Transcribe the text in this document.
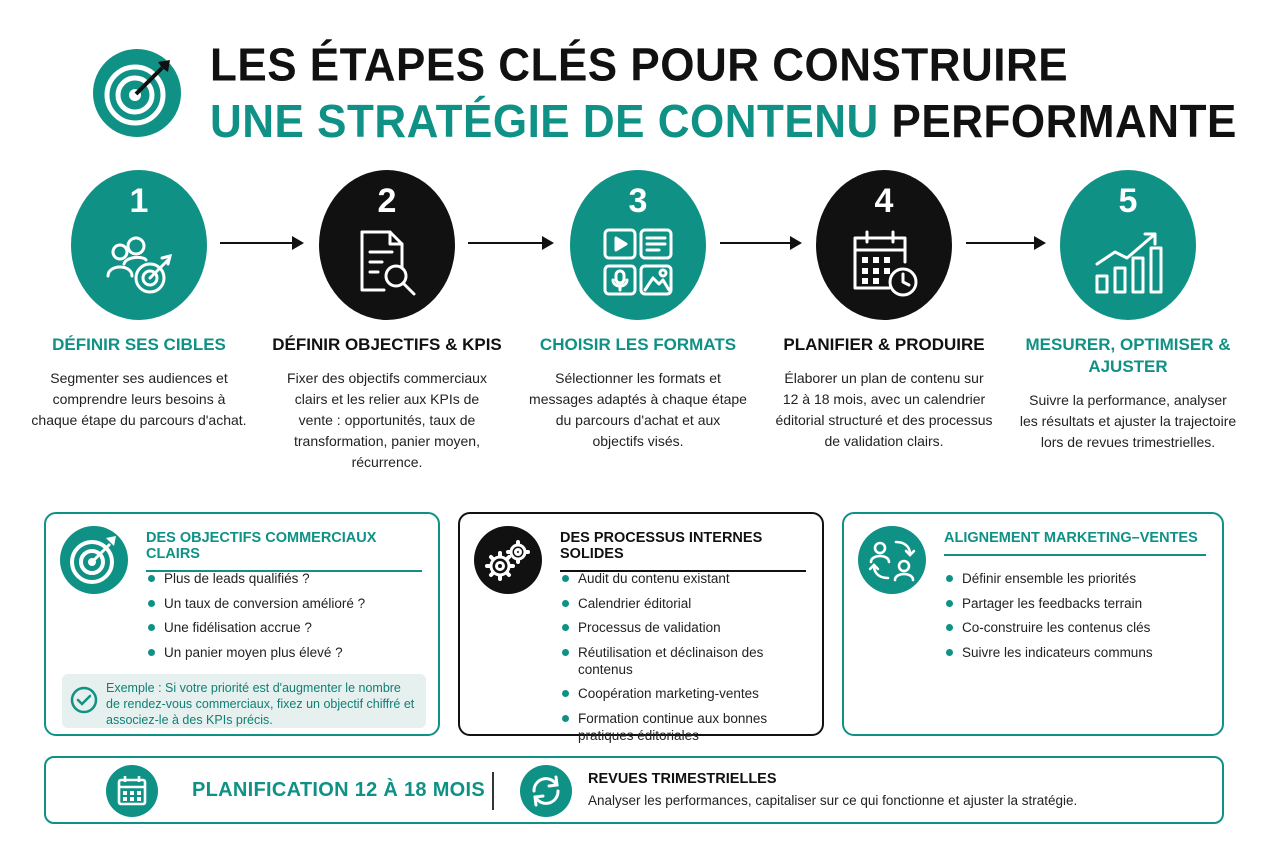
LES ÉTAPES CLÉS POUR CONSTRUIRE
UNE STRATÉGIE DE CONTENU PERFORMANTE
1
DÉFINIR SES CIBLES
Segmenter ses audiences et comprendre leurs besoins à chaque étape du parcours d'achat.
2
DÉFINIR OBJECTIFS & KPIS
Fixer des objectifs commerciaux clairs et les relier aux KPIs de vente : opportunités, taux de transformation, panier moyen, récurrence.
3
CHOISIR LES FORMATS
Sélectionner les formats et messages adaptés à chaque étape du parcours d'achat et aux objectifs visés.
4
PLANIFIER & PRODUIRE
Élaborer un plan de contenu sur 12 à 18 mois, avec un calendrier éditorial structuré et des processus de validation clairs.
5
MESURER, OPTIMISER & AJUSTER
Suivre la performance, analyser les résultats et ajuster la trajectoire lors de revues trimestrielles.
DES OBJECTIFS COMMERCIAUX CLAIRS
Plus de leads qualifiés ?
Un taux de conversion amélioré ?
Une fidélisation accrue ?
Un panier moyen plus élevé ?
Exemple : Si votre priorité est d'augmenter le nombre de rendez-vous commerciaux, fixez un objectif chiffré et associez-le à des KPIs précis.
DES PROCESSUS INTERNES SOLIDES
Audit du contenu existant
Calendrier éditorial
Processus de validation
Réutilisation et déclinaison des contenus
Coopération marketing-ventes
Formation continue aux bonnes pratiques éditoriales
ALIGNEMENT MARKETING–VENTES
Définir ensemble les priorités
Partager les feedbacks terrain
Co-construire les contenus clés
Suivre les indicateurs communs
PLANIFICATION 12 À 18 MOIS	REVUES TRIMESTRIELLES
Analyser les performances, capitaliser sur ce qui fonctionne et ajuster la stratégie.
